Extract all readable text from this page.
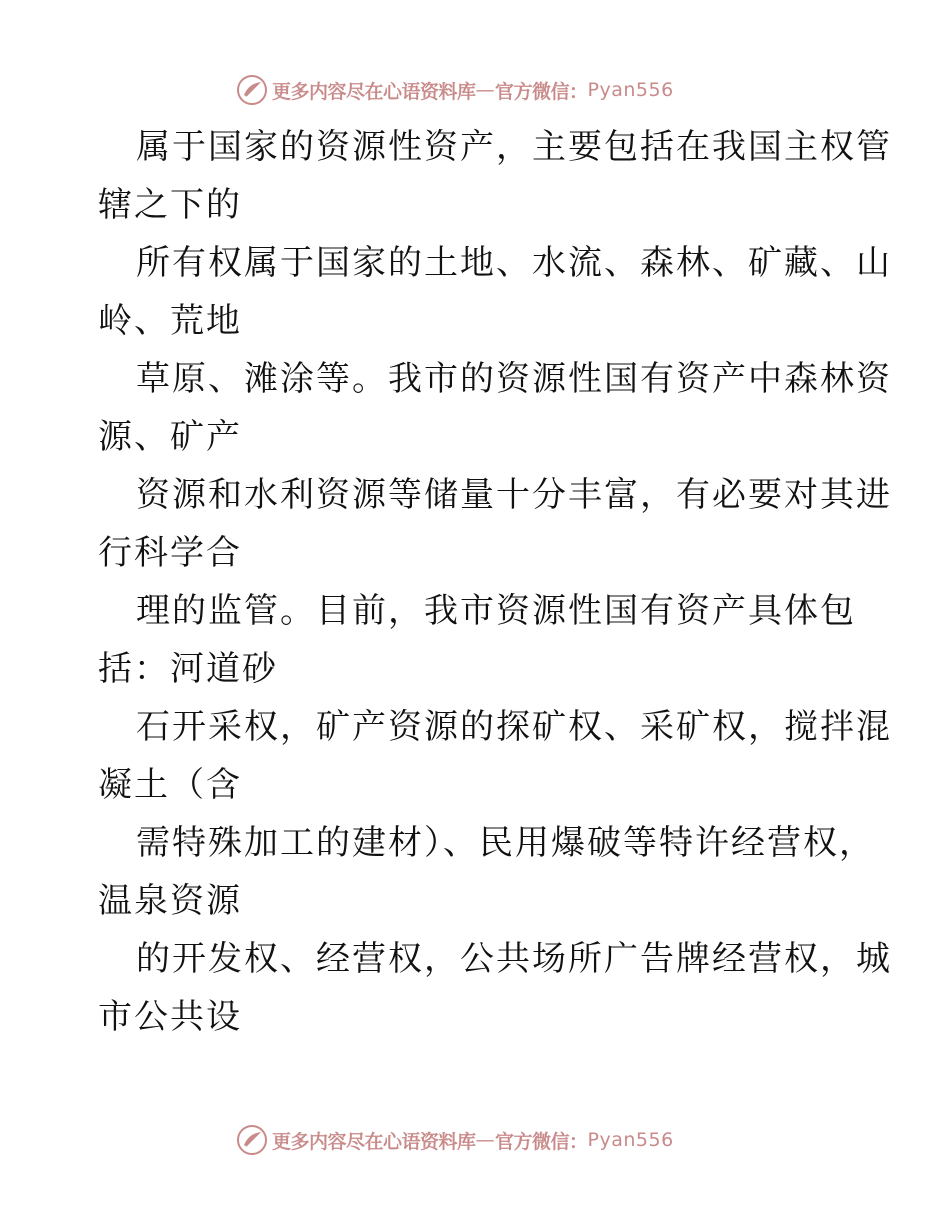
更多内容尽在心语资料库 — 官方微信： Pyan556
属于国家的资源性资产，主要包括在我国主权管
辖之下的
所有权属于国家的土地、水流、森林、矿藏、山
岭、荒地
草原、滩涂等。我市的资源性国有资产中森林资
源、矿产
资源和水利资源等储量十分丰富，有必要对其进
行科学合
理的监管。目前，我市资源性国有资产具体包
括：河道砂
石开采权，矿产资源的探矿权、采矿权，搅拌混
凝土（含
需特殊加工的建材）、民用爆破等特许经营权，
温泉资源
的开发权、经营权，公共场所广告牌经营权，城
市公共设
更多内容尽在心语资料库 — 官方微信： Pyan556
